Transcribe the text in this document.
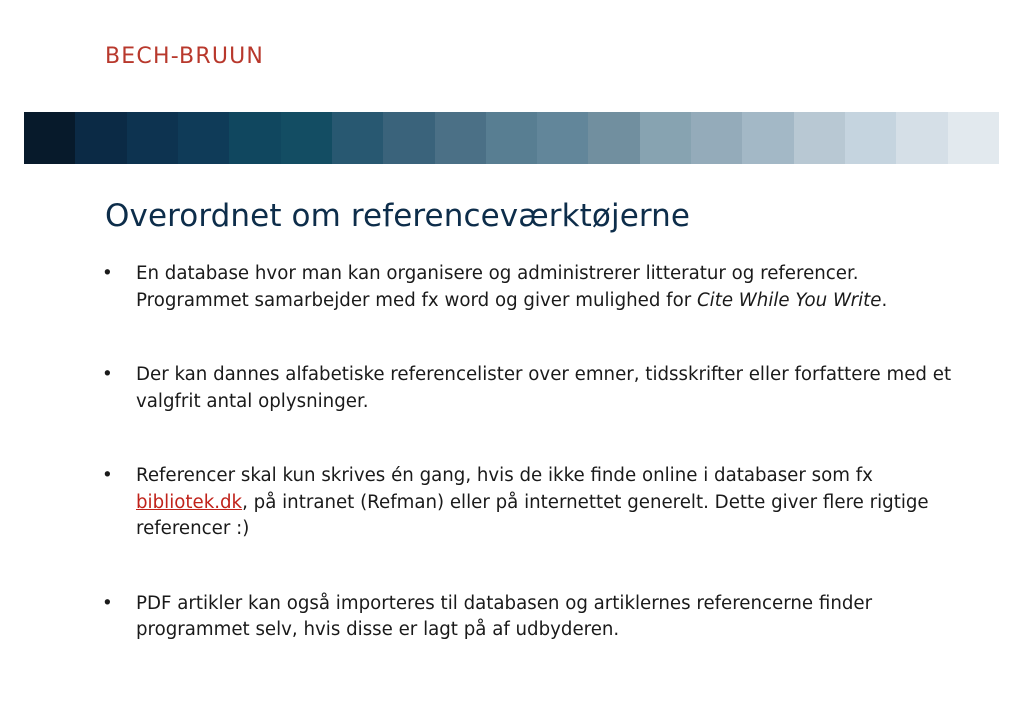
BECH-BRUUN
Overordnet om referenceværktøjerne
• En database hvor man kan organisere og administrerer litteratur og referencer. Programmet samarbejder med fx word og giver mulighed for Cite While You Write.
• Der kan dannes alfabetiske referencelister over emner, tidsskrifter eller forfattere med et valgfrit antal oplysninger.
• Referencer skal kun skrives én gang, hvis de ikke finde online i databaser som fx bibliotek.dk, på intranet (Refman) eller på internettet generelt. Dette giver flere rigtige referencer :)
• PDF artikler kan også importeres til databasen og artiklernes referencerne finder programmet selv, hvis disse er lagt på af udbyderen.
